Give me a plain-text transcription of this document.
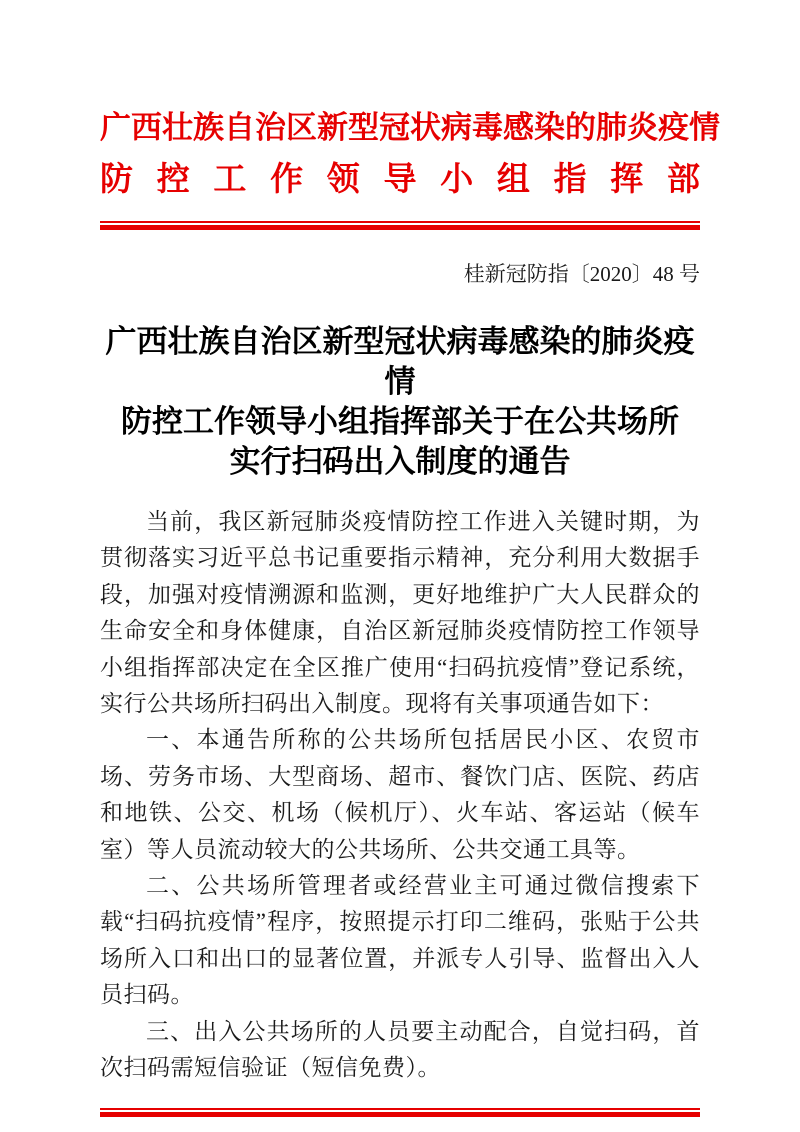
广西壮族自治区新型冠状病毒感染的肺炎疫情
防控工作领导小组指挥部
桂新冠防指〔2020〕48 号
广西壮族自治区新型冠状病毒感染的肺炎疫情
防控工作领导小组指挥部关于在公共场所
实行扫码出入制度的通告

当前，我区新冠肺炎疫情防控工作进入关键时期，为贯彻落实习近平总书记重要指示精神，充分利用大数据手段，加强对疫情溯源和监测，更好地维护广大人民群众的生命安全和身体健康，自治区新冠肺炎疫情防控工作领导小组指挥部决定在全区推广使用“扫码抗疫情”登记系统，实行公共场所扫码出入制度。现将有关事项通告如下：

一、本通告所称的公共场所包括居民小区、农贸市场、劳务市场、大型商场、超市、餐饮门店、医院、药店和地铁、公交、机场（候机厅）、火车站、客运站（候车室）等人员流动较大的公共场所、公共交通工具等。

二、公共场所管理者或经营业主可通过微信搜索下载“扫码抗疫情”程序，按照提示打印二维码，张贴于公共场所入口和出口的显著位置，并派专人引导、监督出入人员扫码。

三、出入公共场所的人员要主动配合，自觉扫码，首次扫码需短信验证（短信免费）。
